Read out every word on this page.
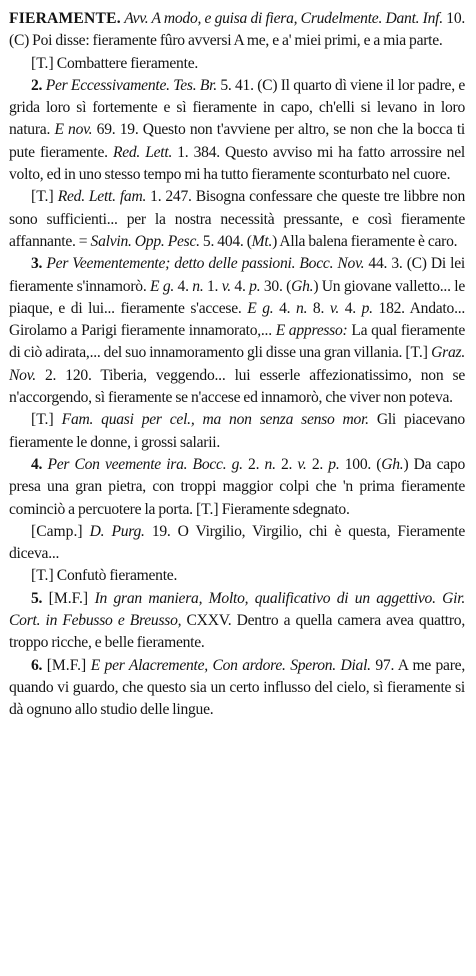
FIERAMENTE. Avv. A modo, e guisa di fiera, Crudelmente. Dant. Inf. 10. (C) Poi disse: fieramente fûro avversi A me, e a' miei primi, e a mia parte.

[T.] Combattere fieramente.

2. Per Eccessivamente. Tes. Br. 5. 41. (C) Il quarto dì viene il lor padre, e grida loro sì fortemente e sì fieramente in capo, ch'elli si levano in loro natura. E nov. 69. 19. Questo non t'avviene per altro, se non che la bocca ti pute fieramente. Red. Lett. 1. 384. Questo avviso mi ha fatto arrossire nel volto, ed in uno stesso tempo mi ha tutto fieramente sconturbato nel cuore.

[T.] Red. Lett. fam. 1. 247. Bisogna confessare che queste tre libbre non sono sufficienti... per la nostra necessità pressante, e così fieramente affannante. = Salvin. Opp. Pesc. 5. 404. (Mt.) Alla balena fieramente è caro.

3. Per Veementemente; detto delle passioni. Bocc. Nov. 44. 3. (C) Di lei fieramente s'innamorò. E g. 4. n. 1. v. 4. p. 30. (Gh.) Un giovane valletto... le piaque, e di lui... fieramente s'accese. E g. 4. n. 8. v. 4. p. 182. Andato... Girolamo a Parigi fieramente innamorato,... E appresso: La qual fieramente di ciò adirata,... del suo innamoramento gli disse una gran villania. [T.] Graz. Nov. 2. 120. Tiberia, veggendo... lui esserle affezionatissimo, non se n'accorgendo, sì fieramente se n'accese ed innamorò, che viver non poteva.

[T.] Fam. quasi per cel., ma non senza senso mor. Gli piacevano fieramente le donne, i grossi salarii.

4. Per Con veemente ira. Bocc. g. 2. n. 2. v. 2. p. 100. (Gh.) Da capo presa una gran pietra, con troppi maggior colpi che 'n prima fieramente cominciò a percuotere la porta. [T.] Fieramente sdegnato.

[Camp.] D. Purg. 19. O Virgilio, Virgilio, chi è questa, Fieramente diceva...

[T.] Confutò fieramente.

5. [M.F.] In gran maniera, Molto, qualificativo di un aggettivo. Gir. Cort. in Febusso e Breusso, CXXV. Dentro a quella camera avea quattro, troppo ricche, e belle fieramente.

6. [M.F.] E per Alacremente, Con ardore. Speron. Dial. 97. A me pare, quando vi guardo, che questo sia un certo influsso del cielo, sì fieramente si dà ognuno allo studio delle lingue.
